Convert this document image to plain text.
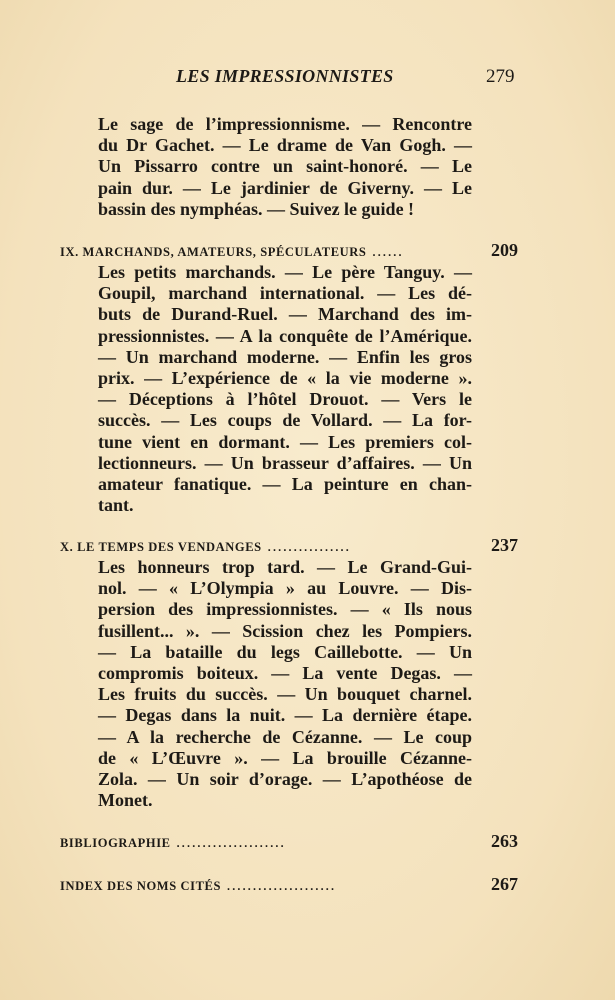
LES IMPRESSIONNISTES	279
Le sage de l’impressionnisme. — Rencontre
du Dr Gachet. — Le drame de Van Gogh. —
Un Pissarro contre un saint-honoré. — Le
pain dur. — Le jardinier de Giverny. — Le
bassin des nymphéas. — Suivez le guide !
IX. MARCHANDS, AMATEURS, SPÉCULATEURS ......	209
Les petits marchands. — Le père Tanguy. —
Goupil, marchand international. — Les dé-
buts de Durand-Ruel. — Marchand des im-
pressionnistes. — A la conquête de l’Amérique.
— Un marchand moderne. — Enfin les gros
prix. — L’expérience de « la vie moderne ».
— Déceptions à l’hôtel Drouot. — Vers le
succès. — Les coups de Vollard. — La for-
tune vient en dormant. — Les premiers col-
lectionneurs. — Un brasseur d’affaires. — Un
amateur fanatique. — La peinture en chan-
tant.
X. LE TEMPS DES VENDANGES ................	237
Les honneurs trop tard. — Le Grand-Gui-
nol. — « L’Olympia » au Louvre. — Dis-
persion des impressionnistes. — « Ils nous
fusillent... ». — Scission chez les Pompiers.
— La bataille du legs Caillebotte. — Un
compromis boiteux. — La vente Degas. —
Les fruits du succès. — Un bouquet charnel.
— Degas dans la nuit. — La dernière étape.
— A la recherche de Cézanne. — Le coup
de « L’Œuvre ». — La brouille Cézanne-
Zola. — Un soir d’orage. — L’apothéose de
Monet.
BIBLIOGRAPHIE .....................	263
INDEX DES NOMS CITÉS .....................	267
